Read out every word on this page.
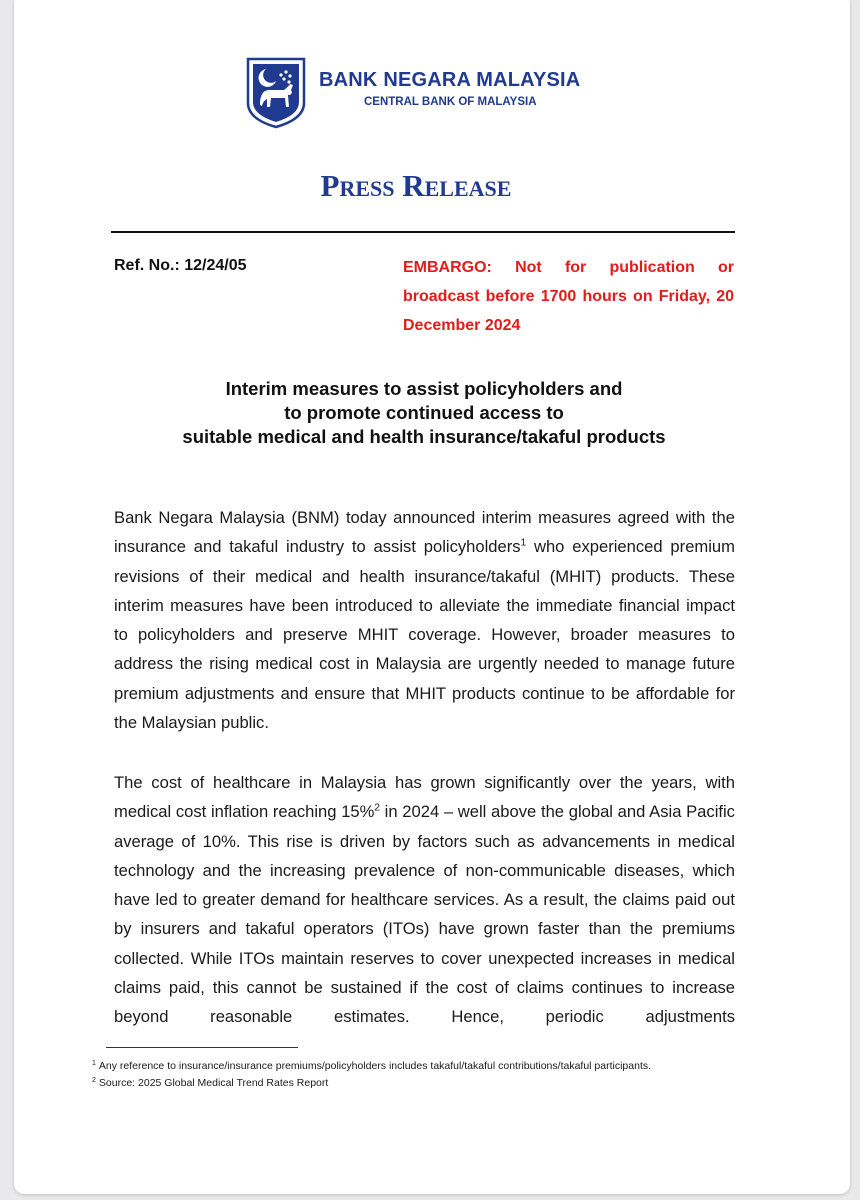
BANK NEGARA MALAYSIA

CENTRAL BANK OF MALAYSIA

Press Release

Ref. No.: 12/24/05	EMBARGO: Not for publication or broadcast before 1700 hours on Friday, 20 December 2024

Interim measures to assist policyholders and
to promote continued access to
suitable medical and health insurance/takaful products

Bank Negara Malaysia (BNM) today announced interim measures agreed with the insurance and takaful industry to assist policyholders$^1$ who experienced premium revisions of their medical and health insurance/takaful (MHIT) products. These interim measures have been introduced to alleviate the immediate financial impact to policyholders and preserve MHIT coverage. However, broader measures to address the rising medical cost in Malaysia are urgently needed to manage future premium adjustments and ensure that MHIT products continue to be affordable for the Malaysian public.

The cost of healthcare in Malaysia has grown significantly over the years, with medical cost inflation reaching 15%$^2$ in 2024 – well above the global and Asia Pacific average of 10%. This rise is driven by factors such as advancements in medical technology and the increasing prevalence of non-communicable diseases, which have led to greater demand for healthcare services. As a result, the claims paid out by insurers and takaful operators (ITOs) have grown faster than the premiums collected. While ITOs maintain reserves to cover unexpected increases in medical claims paid, this cannot be sustained if the cost of claims continues to increase beyond reasonable estimates. Hence, periodic adjustments

$^1$ Any reference to insurance/insurance premiums/policyholders includes takaful/takaful contributions/takaful participants.

$^2$ Source: 2025 Global Medical Trend Rates Report
